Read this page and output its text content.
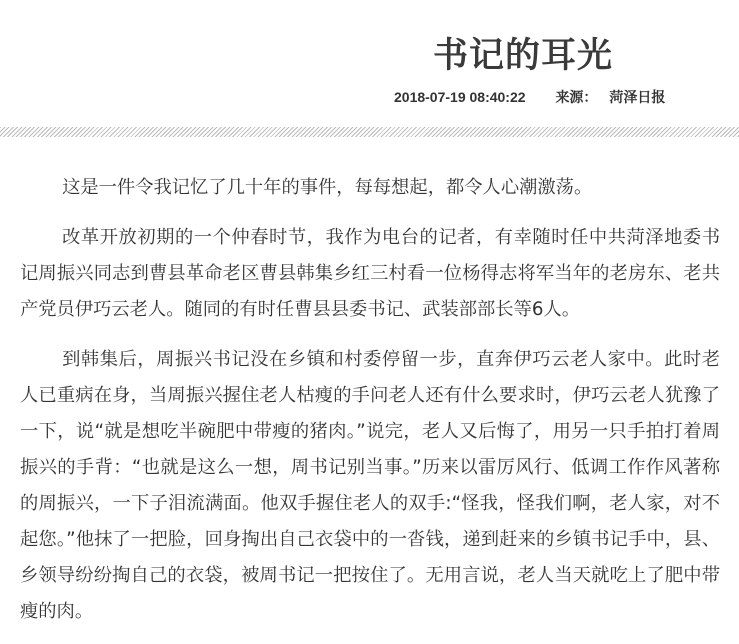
书记的耳光
2018-07-19 08:40:22 来源： 菏泽日报

这是一件令我记忆了几十年的事件，每每想起，都令人心潮激荡。

改革开放初期的一个仲春时节，我作为电台的记者，有幸随时任中共菏泽地委书记周振兴同志到曹县革命老区曹县韩集乡红三村看一位杨得志将军当年的老房东、老共产党员伊巧云老人。随同的有时任曹县县委书记、武装部部长等6人。

到韩集后，周振兴书记没在乡镇和村委停留一步，直奔伊巧云老人家中。此时老人已重病在身，当周振兴握住老人枯瘦的手问老人还有什么要求时，伊巧云老人犹豫了一下，说“就是想吃半碗肥中带瘦的猪肉。”说完，老人又后悔了，用另一只手拍打着周振兴的手背：“也就是这么一想，周书记别当事。”历来以雷厉风行、低调工作作风著称的周振兴，一下子泪流满面。他双手握住老人的双手:“怪我，怪我们啊，老人家，对不起您。”他抹了一把脸，回身掏出自己衣袋中的一沓钱，递到赶来的乡镇书记手中，县、乡领导纷纷掏自己的衣袋，被周书记一把按住了。无用言说，老人当天就吃上了肥中带瘦的肉。
